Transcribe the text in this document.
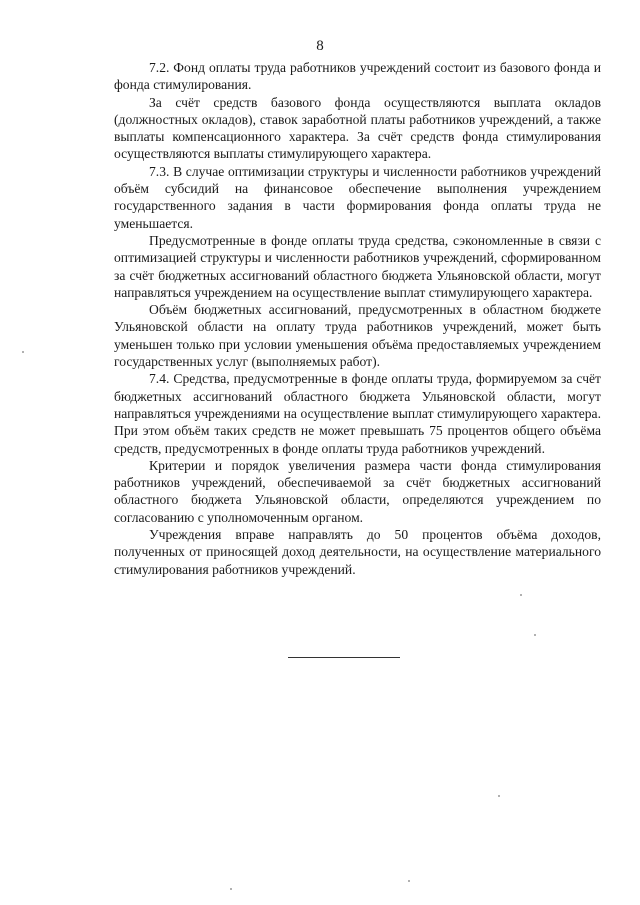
8

7.2. Фонд оплаты труда работников учреждений состоит из базового фонда и фонда стимулирования.

За счёт средств базового фонда осуществляются выплата окладов (должностных окладов), ставок заработной платы работников учреждений, а также выплаты компенсационного характера. За счёт средств фонда стимулирования осуществляются выплаты стимулирующего характера.

7.3. В случае оптимизации структуры и численности работников учреждений объём субсидий на финансовое обеспечение выполнения учреждением государственного задания в части формирования фонда оплаты труда не уменьшается.

Предусмотренные в фонде оплаты труда средства, сэкономленные в связи с оптимизацией структуры и численности работников учреждений, сформированном за счёт бюджетных ассигнований областного бюджета Ульяновской области, могут направляться учреждением на осуществление выплат стимулирующего характера.

Объём бюджетных ассигнований, предусмотренных в областном бюджете Ульяновской области на оплату труда работников учреждений, может быть уменьшен только при условии уменьшения объёма предоставляемых учреждением государственных услуг (выполняемых работ).

7.4. Средства, предусмотренные в фонде оплаты труда, формируемом за счёт бюджетных ассигнований областного бюджета Ульяновской области, могут направляться учреждениями на осуществление выплат стимулирующего характера. При этом объём таких средств не может превышать 75 процентов общего объёма средств, предусмотренных в фонде оплаты труда работников учреждений.

Критерии и порядок увеличения размера части фонда стимулирования работников учреждений, обеспечиваемой за счёт бюджетных ассигнований областного бюджета Ульяновской области, определяются учреждением по согласованию с уполномоченным органом.

Учреждения вправе направлять до 50 процентов объёма доходов, полученных от приносящей доход деятельности, на осуществление материального стимулирования работников учреждений.
